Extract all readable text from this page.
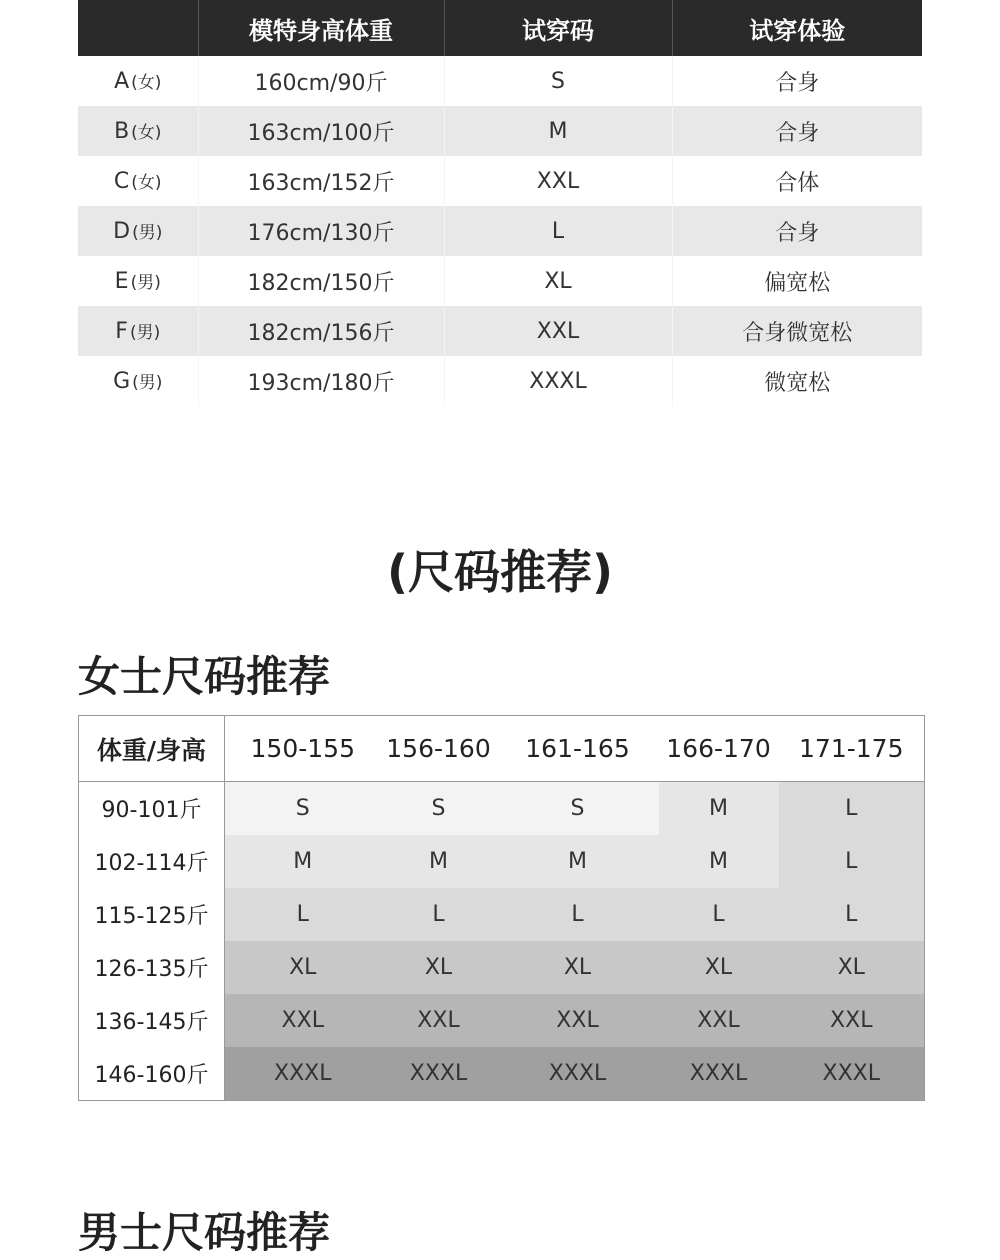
	模特身高体重	试穿码	试穿体验
A (女)	160cm/90斤	S	合身
B (女)	163cm/100斤	M	合身
C (女)	163cm/152斤	XXL	合体
D (男)	176cm/130斤	L	合身
E (男)	182cm/150斤	XL	偏宽松
F (男)	182cm/156斤	XXL	合身微宽松
G (男)	193cm/180斤	XXXL	微宽松
(尺码推荐)
女士尺码推荐
体重/身高	150-155	156-160	161-165	166-170	171-175
90-101斤	S	S	S	M	L
102-114斤	M	M	M	M	L
115-125斤	L	L	L	L	L
126-135斤	XL	XL	XL	XL	XL
136-145斤	XXL	XXL	XXL	XXL	XXL
146-160斤	XXXL	XXXL	XXXL	XXXL	XXXL
男士尺码推荐
